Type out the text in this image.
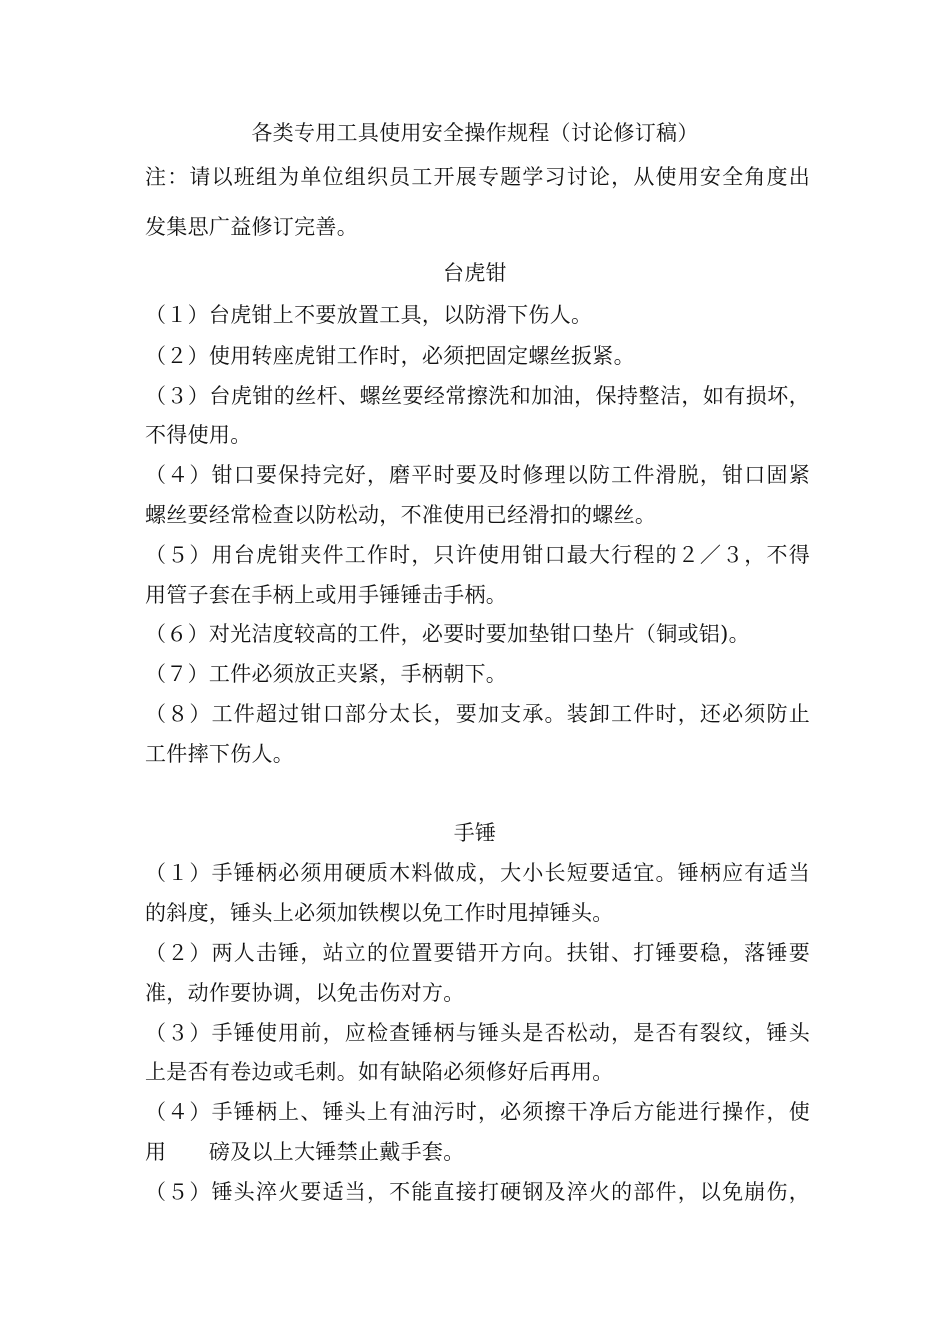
各类专用工具使用安全操作规程（讨论修订稿）
注：请以班组为单位组织员工开展专题学习讨论，从使用安全角度出
发集思广益修订完善。
台虎钳
（１）台虎钳上不要放置工具，以防滑下伤人。
（２）使用转座虎钳工作时，必须把固定螺丝扳紧。
（３）台虎钳的丝杆、螺丝要经常擦洗和加油，保持整洁，如有损坏，
不得使用。
（４）钳口要保持完好，磨平时要及时修理以防工件滑脱，钳口固紧
螺丝要经常检查以防松动，不准使用已经滑扣的螺丝。
（５）用台虎钳夹件工作时，只许使用钳口最大行程的２／３，不得
用管子套在手柄上或用手锤锤击手柄。
（６）对光洁度较高的工件，必要时要加垫钳口垫片（铜或铝)。
（７）工件必须放正夹紧，手柄朝下。
（８）工件超过钳口部分太长，要加支承。装卸工件时，还必须防止
工件摔下伤人。
手锤
（１）手锤柄必须用硬质木料做成，大小长短要适宜。锤柄应有适当
的斜度，锤头上必须加铁楔以免工作时甩掉锤头。
（２）两人击锤，站立的位置要错开方向。扶钳、打锤要稳，落锤要
准，动作要协调，以免击伤对方。
（３）手锤使用前，应检查锤柄与锤头是否松动，是否有裂纹，锤头
上是否有卷边或毛刺。如有缺陷必须修好后再用。
（４）手锤柄上、锤头上有油污时，必须擦干净后方能进行操作，使
用　　磅及以上大锤禁止戴手套。
（５）锤头淬火要适当，不能直接打硬钢及淬火的部件，以免崩伤，
